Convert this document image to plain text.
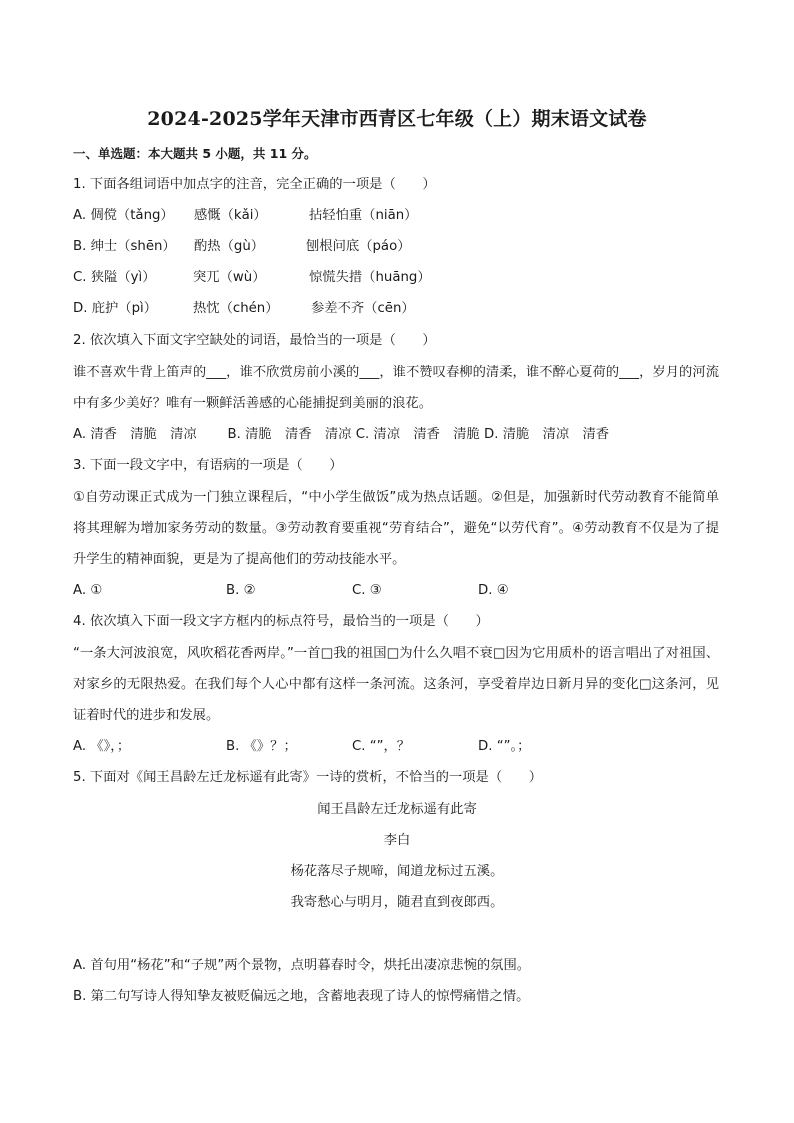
2024-2025学年天津市西青区七年级（上）期末语文试卷
一、单选题：本大题共 5 小题，共 11 分。
1. 下面各组词语中加点字的注音，完全正确的一项是（　　）
A. 倜傥（tǎng） 感慨（kǎi）	拈轻怕重（niān）
B. 绅士（shēn） 酌热（gù）	刨根问底（páo）
C. 狭隘（yì）	突兀（wù）	惊慌失措（huāng）
D. 庇护（pì）	热忱（chén） 参差不齐（cēn）
2. 依次填入下面文字空缺处的词语，最恰当的一项是（　　）
谁不喜欢牛背上笛声的___，谁不欣赏房前小溪的___，谁不赞叹春柳的清柔，谁不醉心夏荷的___，岁月的河流中有多少美好？唯有一颗鲜活善感的心能捕捉到美丽的浪花。
A. 清香　清脆　清凉　　 B. 清脆　清香　清凉 C. 清凉　清香　清脆 D. 清脆　清凉　清香
3. 下面一段文字中，有语病的一项是（　　）
①自劳动课正式成为一门独立课程后，“中小学生做饭”成为热点话题。②但是，加强新时代劳动教育不能简单将其理解为增加家务劳动的数量。③劳动教育要重视“劳育结合”，避免“以劳代育”。④劳动教育不仅是为了提升学生的精神面貌，更是为了提高他们的劳动技能水平。
A. ①	B. ②	C. ③	D. ④
4. 依次填入下面一段文字方框内的标点符号，最恰当的一项是（　　）
“一条大河波浪宽，风吹稻花香两岸。”一首□我的祖国□为什么久唱不衰□因为它用质朴的语言唱出了对祖国、对家乡的无限热爱。在我们每个人心中都有这样一条河流。这条河，享受着岸边日新月异的变化□这条河，见证着时代的进步和发展。
A. 《》，；	B. 《》？；	C. “”，？	D. “”。；
5. 下面对《闻王昌龄左迁龙标遥有此寄》一诗的赏析，不恰当的一项是（　　）
闻王昌龄左迁龙标遥有此寄
李白
杨花落尽子规啼，闻道龙标过五溪。
我寄愁心与明月，随君直到夜郎西。
A. 首句用“杨花”和“子规”两个景物，点明暮春时令，烘托出凄凉悲惋的氛围。
B. 第二句写诗人得知挚友被贬偏远之地，含蓄地表现了诗人的惊愕痛惜之情。
